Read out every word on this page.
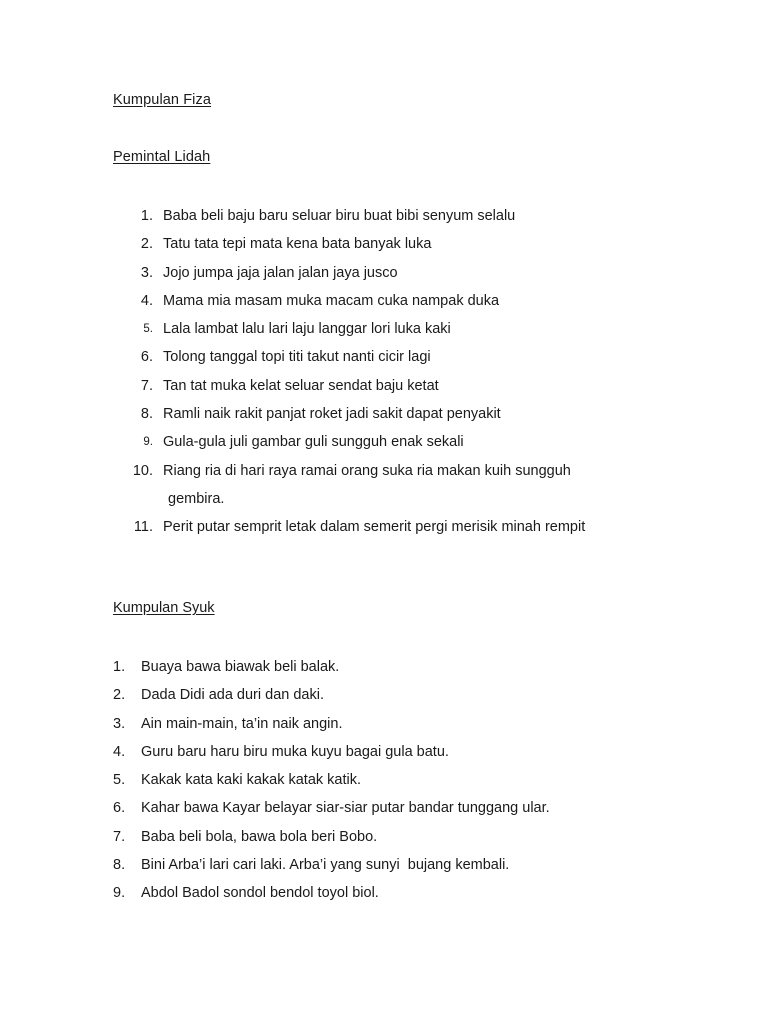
Kumpulan Fiza
Pemintal Lidah
1. Baba beli baju baru seluar biru buat bibi senyum selalu
2. Tatu tata tepi mata kena bata banyak luka
3. Jojo jumpa jaja jalan jalan jaya jusco
4. Mama mia masam muka macam cuka nampak duka
5. Lala lambat lalu lari laju langgar lori luka kaki
6. Tolong tanggal topi titi takut nanti cicir lagi
7. Tan tat muka kelat seluar sendat baju ketat
8. Ramli naik rakit panjat roket jadi sakit dapat penyakit
9. Gula-gula juli gambar guli sungguh enak sekali
10. Riang ria di hari raya ramai orang suka ria makan kuih sungguh
gembira.
11. Perit putar semprit letak dalam semerit pergi merisik minah rempit
Kumpulan Syuk
1. Buaya bawa biawak beli balak.
2. Dada Didi ada duri dan daki.
3. Ain main-main, ta’in naik angin.
4. Guru baru haru biru muka kuyu bagai gula batu.
5. Kakak kata kaki kakak katak katik.
6. Kahar bawa Kayar belayar siar-siar putar bandar tunggang ular.
7. Baba beli bola, bawa bola beri Bobo.
8. Bini Arba’i lari cari laki. Arba’i yang sunyi  bujang kembali.
9. Abdol Badol sondol bendol toyol biol.
